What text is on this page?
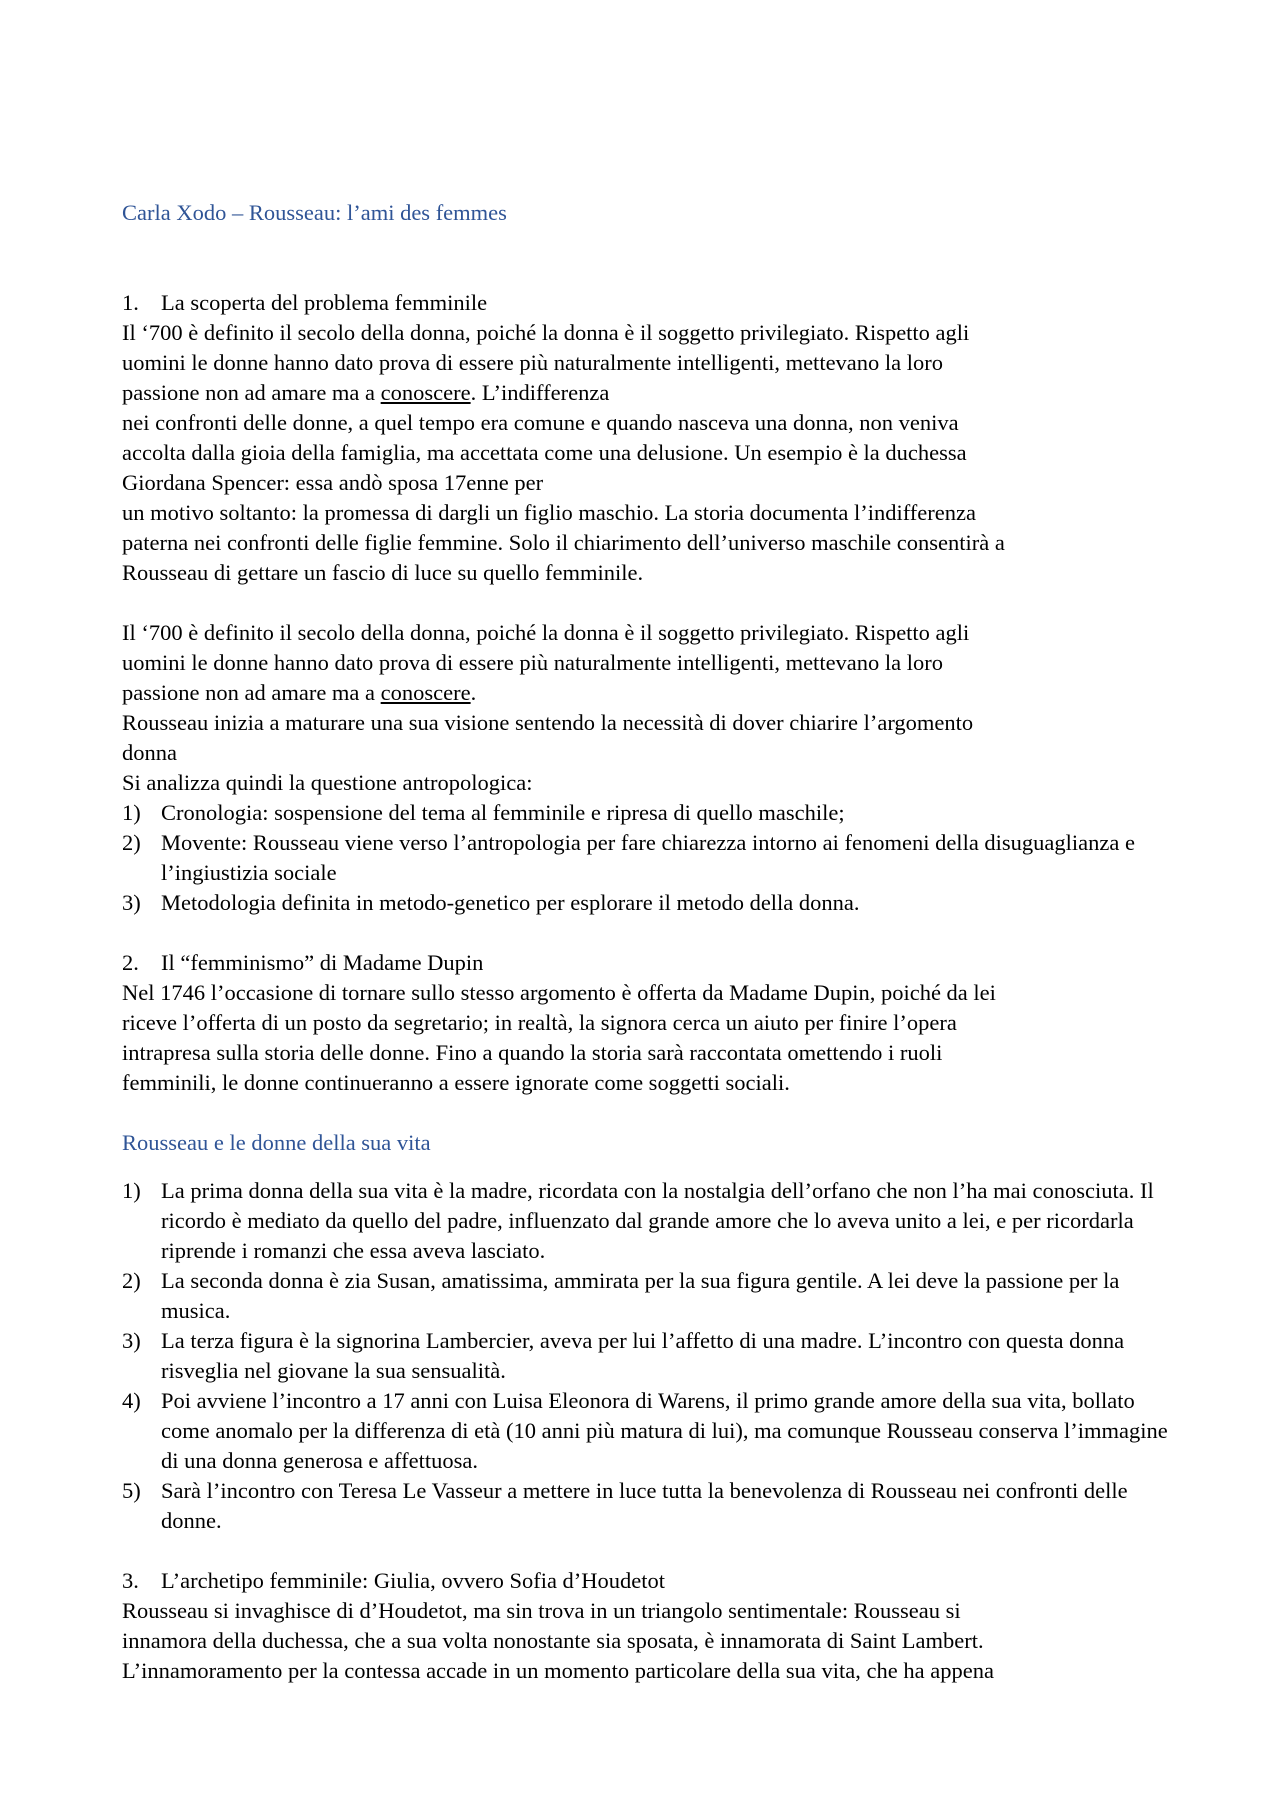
Carla Xodo – Rousseau: l’ami des femmes
1. La scoperta del problema femminile
Il ‘700 è definito il secolo della donna, poiché la donna è il soggetto privilegiato. Rispetto agli
uomini le donne hanno dato prova di essere più naturalmente intelligenti, mettevano la loro
passione non ad amare ma a conoscere. L’indifferenza
nei confronti delle donne, a quel tempo era comune e quando nasceva una donna, non veniva
accolta dalla gioia della famiglia, ma accettata come una delusione. Un esempio è la duchessa
Giordana Spencer: essa andò sposa 17enne per
un motivo soltanto: la promessa di dargli un figlio maschio. La storia documenta l’indifferenza
paterna nei confronti delle figlie femmine. Solo il chiarimento dell’universo maschile consentirà a
Rousseau di gettare un fascio di luce su quello femminile.
Il ‘700 è definito il secolo della donna, poiché la donna è il soggetto privilegiato. Rispetto agli
uomini le donne hanno dato prova di essere più naturalmente intelligenti, mettevano la loro
passione non ad amare ma a conoscere.
Rousseau inizia a maturare una sua visione sentendo la necessità di dover chiarire l’argomento
donna
Si analizza quindi la questione antropologica:
1) Cronologia: sospensione del tema al femminile e ripresa di quello maschile;
2) Movente: Rousseau viene verso l’antropologia per fare chiarezza intorno ai fenomeni della disuguaglianza e l’ingiustizia sociale
3) Metodologia definita in metodo-genetico per esplorare il metodo della donna.
2. Il “femminismo” di Madame Dupin
Nel 1746 l’occasione di tornare sullo stesso argomento è offerta da Madame Dupin, poiché da lei
riceve l’offerta di un posto da segretario; in realtà, la signora cerca un aiuto per finire l’opera
intrapresa sulla storia delle donne. Fino a quando la storia sarà raccontata omettendo i ruoli
femminili, le donne continueranno a essere ignorate come soggetti sociali.
Rousseau e le donne della sua vita
1) La prima donna della sua vita è la madre, ricordata con la nostalgia dell’orfano che non l’ha mai conosciuta. Il ricordo è mediato da quello del padre, influenzato dal grande amore che lo aveva unito a lei, e per ricordarla riprende i romanzi che essa aveva lasciato.
2) La seconda donna è zia Susan, amatissima, ammirata per la sua figura gentile. A lei deve la passione per la musica.
3) La terza figura è la signorina Lambercier, aveva per lui l’affetto di una madre. L’incontro con questa donna risveglia nel giovane la sua sensualità.
4) Poi avviene l’incontro a 17 anni con Luisa Eleonora di Warens, il primo grande amore della sua vita, bollato come anomalo per la differenza di età (10 anni più matura di lui), ma comunque Rousseau conserva l’immagine di una donna generosa e affettuosa.
5) Sarà l’incontro con Teresa Le Vasseur a mettere in luce tutta la benevolenza di Rousseau nei confronti delle donne.
3. L’archetipo femminile: Giulia, ovvero Sofia d’Houdetot
Rousseau si invaghisce di d’Houdetot, ma sin trova in un triangolo sentimentale: Rousseau si
innamora della duchessa, che a sua volta nonostante sia sposata, è innamorata di Saint Lambert.
L’innamoramento per la contessa accade in un momento particolare della sua vita, che ha appena
